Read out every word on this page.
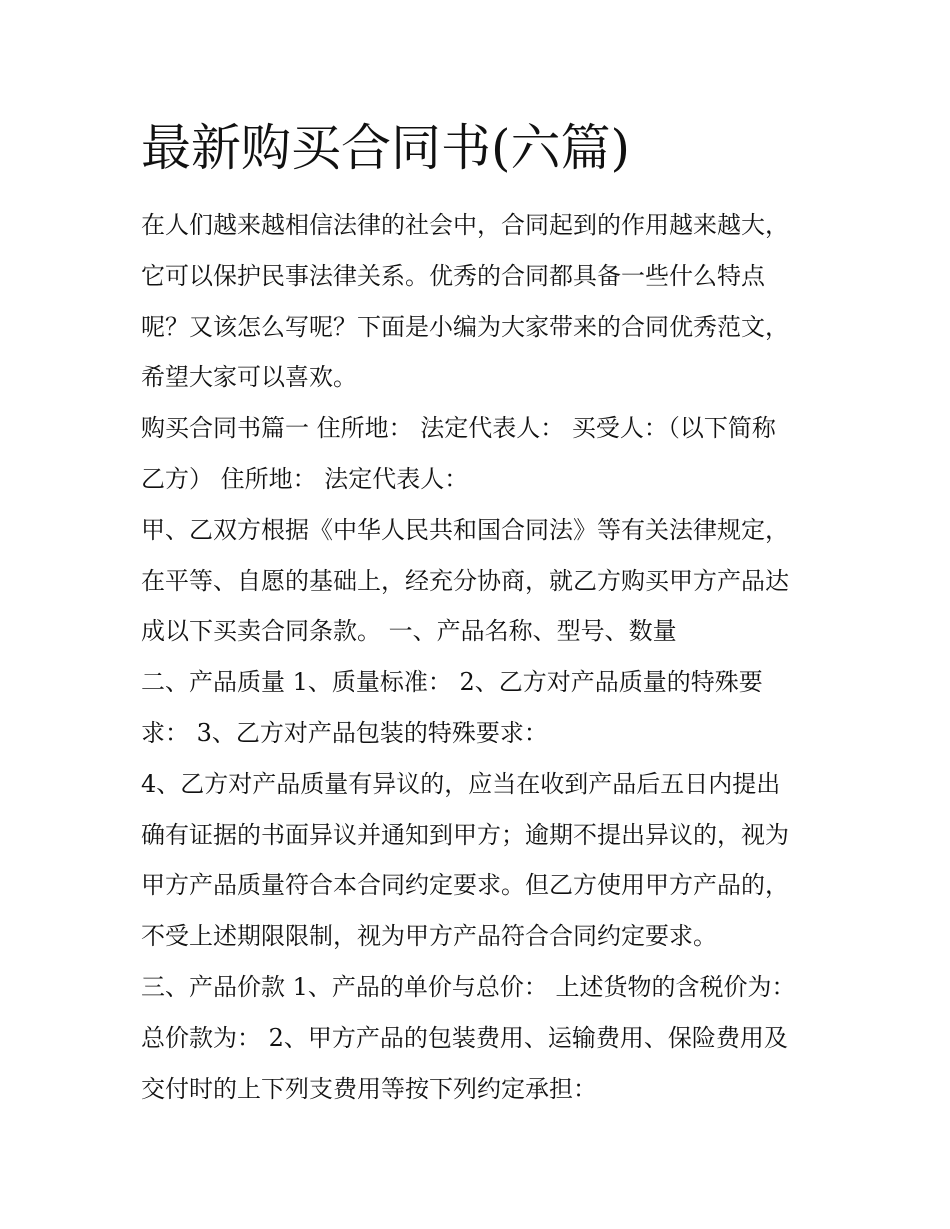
最新购买合同书(六篇)
在人们越来越相信法律的社会中，合同起到的作用越来越大，
它可以保护民事法律关系。优秀的合同都具备一些什么特点
呢？又该怎么写呢？下面是小编为大家带来的合同优秀范文，
希望大家可以喜欢。
购买合同书篇一 住所地： 法定代表人： 买受人：（以下简称
乙方） 住所地： 法定代表人：
甲、乙双方根据《中华人民共和国合同法》等有关法律规定，
在平等、自愿的基础上，经充分协商，就乙方购买甲方产品达
成以下买卖合同条款。 一、产品名称、型号、数量
二、产品质量 1、质量标准： 2、乙方对产品质量的特殊要
求： 3、乙方对产品包装的特殊要求：
4、乙方对产品质量有异议的，应当在收到产品后五日内提出
确有证据的书面异议并通知到甲方；逾期不提出异议的，视为
甲方产品质量符合本合同约定要求。但乙方使用甲方产品的，
不受上述期限限制，视为甲方产品符合合同约定要求。
三、产品价款 1、产品的单价与总价： 上述货物的含税价为：
总价款为： 2、甲方产品的包装费用、运输费用、保险费用及
交付时的上下列支费用等按下列约定承担：
